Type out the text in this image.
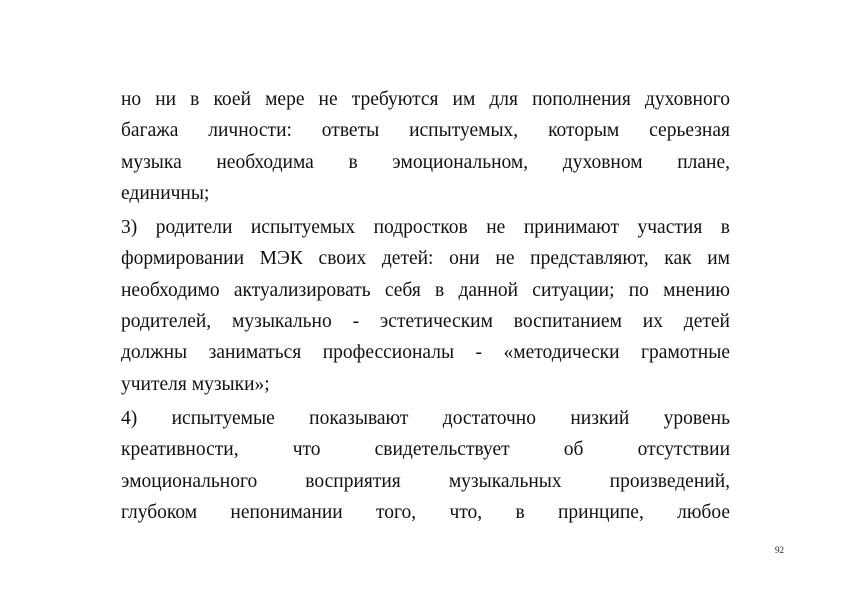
но ни в коей мере не требуются им для пополнения духовного
багажа личности: ответы испытуемых, которым серьезная
музыка необходима в эмоциональном, духовном плане,
единичны;

3) родители испытуемых подростков не принимают участия в
формировании МЭК своих детей: они не представляют, как им
необходимо актуализировать себя в данной ситуации; по мнению
родителей, музыкально - эстетическим воспитанием их детей
должны заниматься профессионалы - «методически грамотные
учителя музыки»;

4) испытуемые показывают достаточно низкий уровень
креативности, что свидетельствует об отсутствии
эмоционального восприятия музыкальных произведений,
глубоком непонимании того, что, в принципе, любое

92
